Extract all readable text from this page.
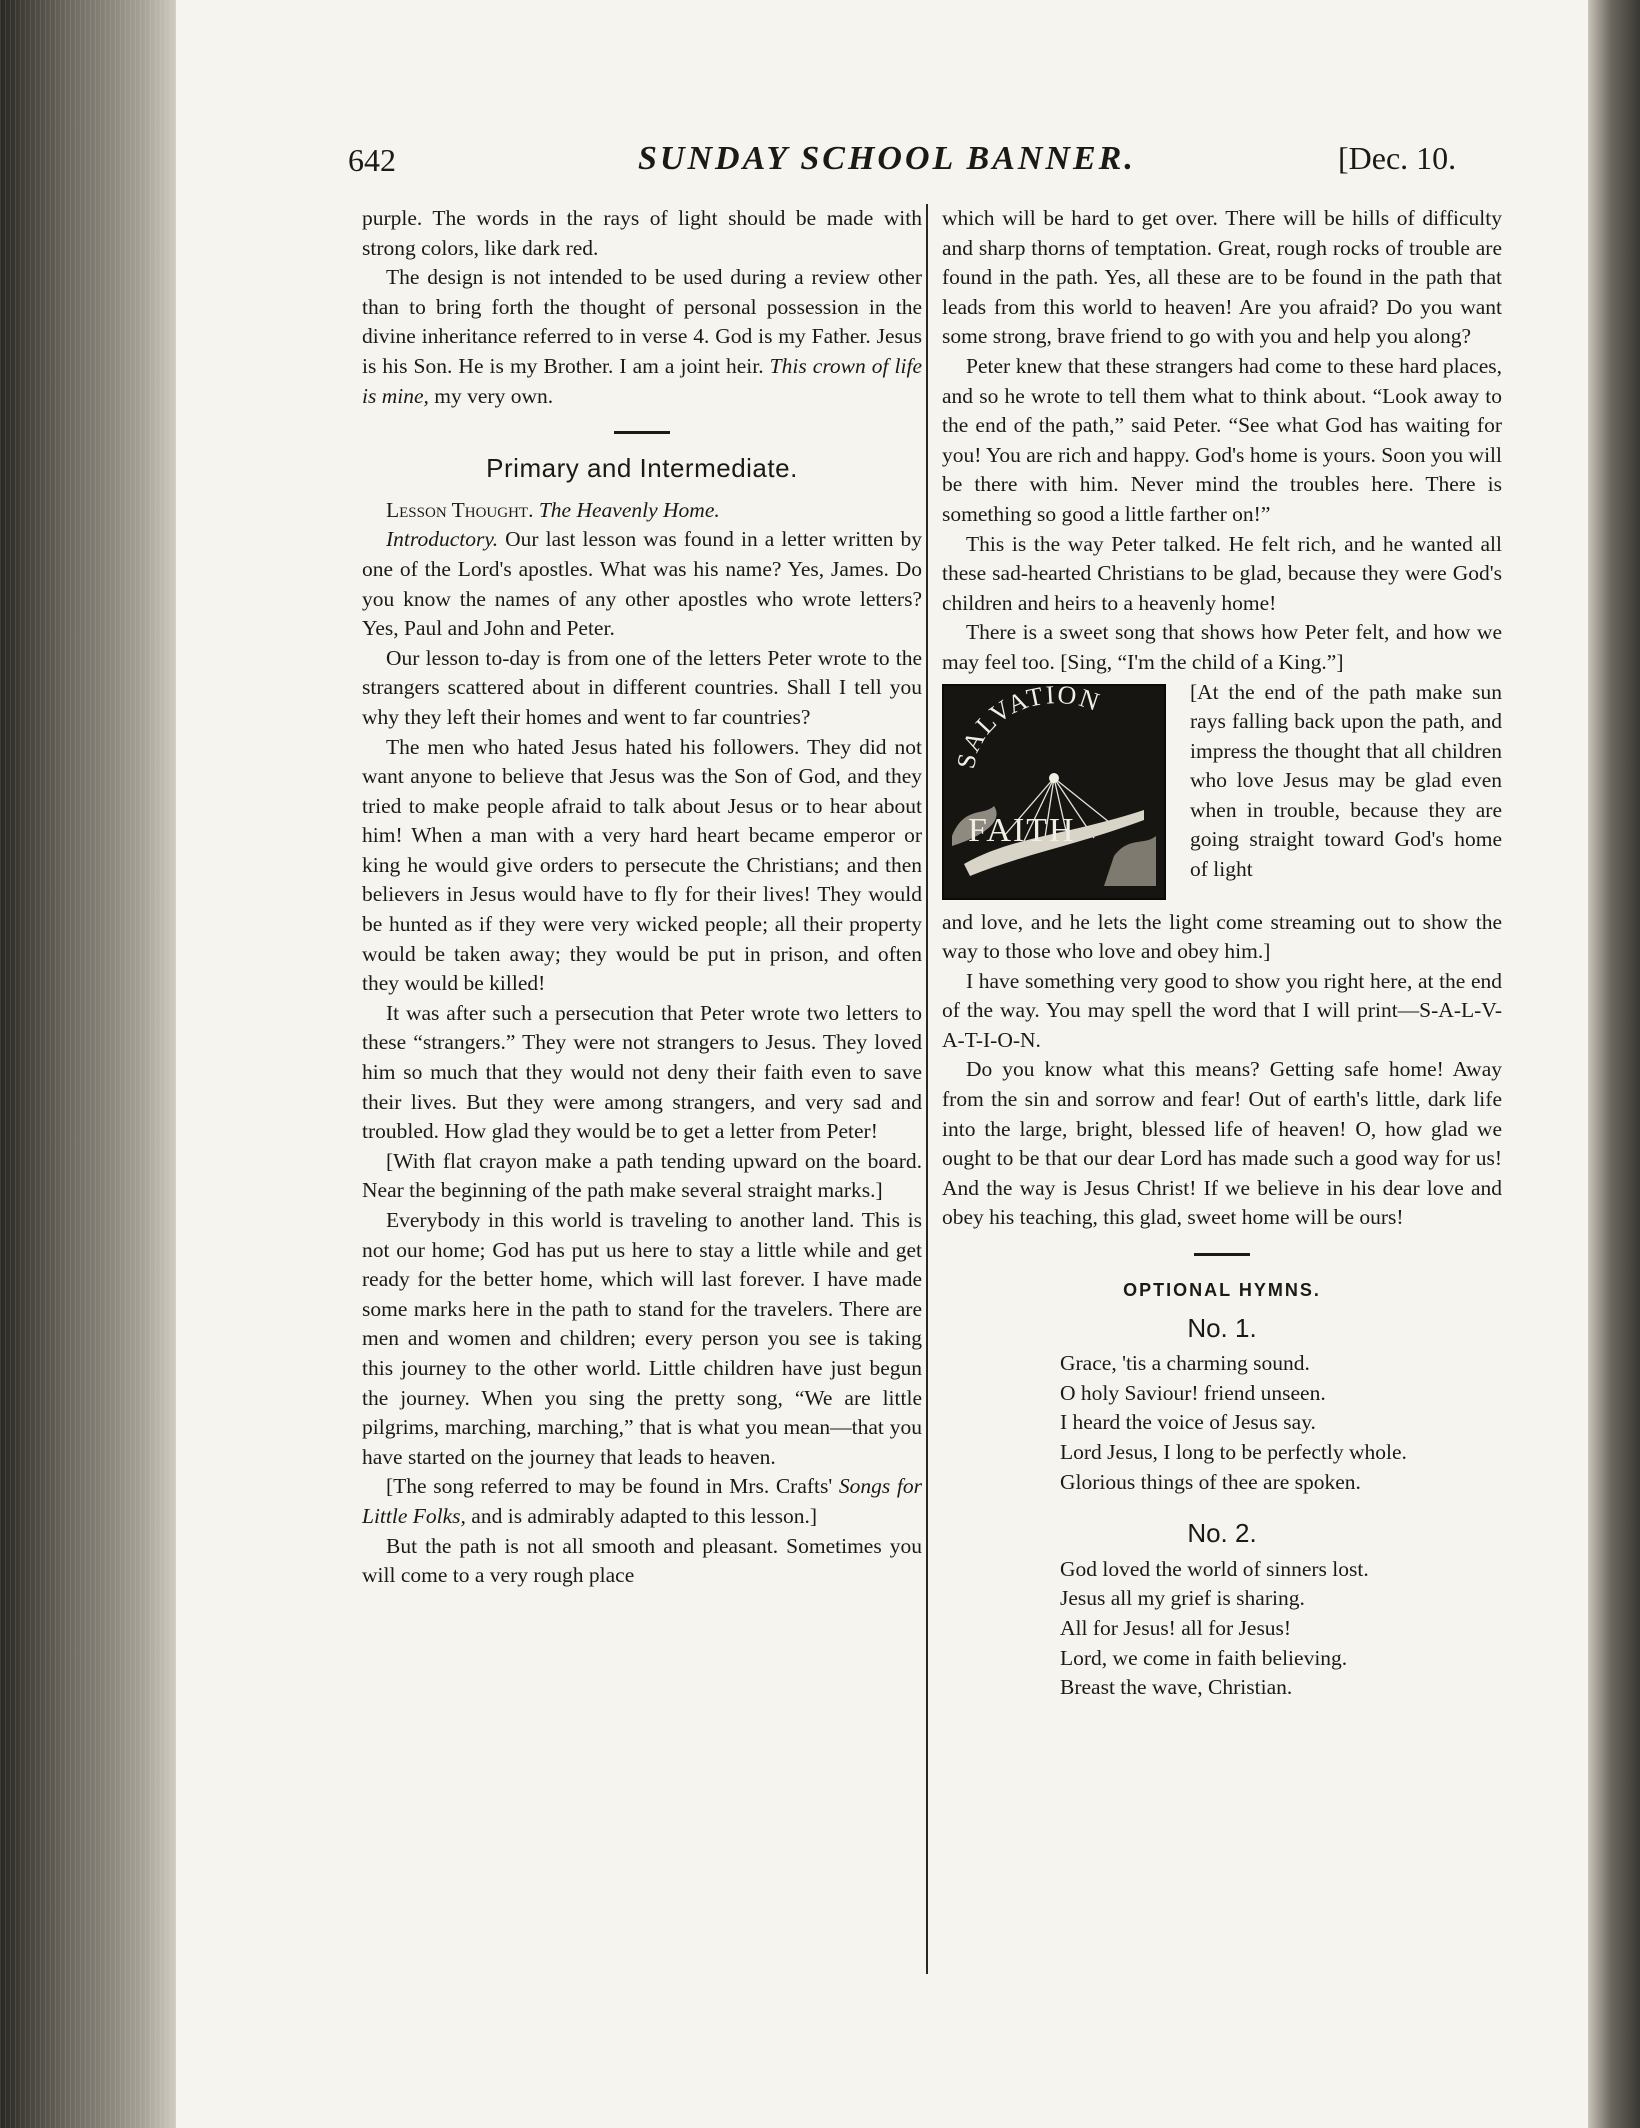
642	SUNDAY SCHOOL BANNER.	[Dec. 10.

purple. The words in the rays of light should be made with strong colors, like dark red.

The design is not intended to be used during a review other than to bring forth the thought of personal possession in the divine inheritance referred to in verse 4. God is my Father. Jesus is his Son. He is my Brother. I am a joint heir. This crown of life is mine, my very own.

Primary and Intermediate.

Lesson Thought. The Heavenly Home.

Introductory. Our last lesson was found in a letter written by one of the Lord's apostles. What was his name? Yes, James. Do you know the names of any other apostles who wrote letters? Yes, Paul and John and Peter.

Our lesson to-day is from one of the letters Peter wrote to the strangers scattered about in different countries. Shall I tell you why they left their homes and went to far countries?

The men who hated Jesus hated his followers. They did not want anyone to believe that Jesus was the Son of God, and they tried to make people afraid to talk about Jesus or to hear about him! When a man with a very hard heart became emperor or king he would give orders to persecute the Christians; and then believers in Jesus would have to fly for their lives! They would be hunted as if they were very wicked people; all their property would be taken away; they would be put in prison, and often they would be killed!

It was after such a persecution that Peter wrote two letters to these “strangers.” They were not strangers to Jesus. They loved him so much that they would not deny their faith even to save their lives. But they were among strangers, and very sad and troubled. How glad they would be to get a letter from Peter!

[With flat crayon make a path tending upward on the board. Near the beginning of the path make several straight marks.]

Everybody in this world is traveling to another land. This is not our home; God has put us here to stay a little while and get ready for the better home, which will last forever. I have made some marks here in the path to stand for the travelers. There are men and women and children; every person you see is taking this journey to the other world. Little children have just begun the journey. When you sing the pretty song, “We are little pilgrims, marching, marching,” that is what you mean—that you have started on the journey that leads to heaven.

[The song referred to may be found in Mrs. Crafts' Songs for Little Folks, and is admirably adapted to this lesson.]

But the path is not all smooth and pleasant. Sometimes you will come to a very rough place

which will be hard to get over. There will be hills of difficulty and sharp thorns of temptation. Great, rough rocks of trouble are found in the path. Yes, all these are to be found in the path that leads from this world to heaven! Are you afraid? Do you want some strong, brave friend to go with you and help you along?

Peter knew that these strangers had come to these hard places, and so he wrote to tell them what to think about. “Look away to the end of the path,” said Peter. “See what God has waiting for you! You are rich and happy. God's home is yours. Soon you will be there with him. Never mind the troubles here. There is something so good a little farther on!”

This is the way Peter talked. He felt rich, and he wanted all these sad-hearted Christians to be glad, because they were God's children and heirs to a heavenly home!

There is a sweet song that shows how Peter felt, and how we may feel too. [Sing, “I'm the child of a King.”]

SALVATION
FAITH
[At the end of the path make sun rays falling back upon the path, and impress the thought that all children who love Jesus may be glad even when in trouble, because they are going straight toward God's home of light

and love, and he lets the light come streaming out to show the way to those who love and obey him.]

I have something very good to show you right here, at the end of the way. You may spell the word that I will print—S-A-L-V-A-T-I-O-N.

Do you know what this means? Getting safe home! Away from the sin and sorrow and fear! Out of earth's little, dark life into the large, bright, blessed life of heaven! O, how glad we ought to be that our dear Lord has made such a good way for us! And the way is Jesus Christ! If we believe in his dear love and obey his teaching, this glad, sweet home will be ours!

OPTIONAL HYMNS.
No. 1.
Grace, 'tis a charming sound.
O holy Saviour! friend unseen.
I heard the voice of Jesus say.
Lord Jesus, I long to be perfectly whole.
Glorious things of thee are spoken.
No. 2.
God loved the world of sinners lost.
Jesus all my grief is sharing.
All for Jesus! all for Jesus!
Lord, we come in faith believing.
Breast the wave, Christian.
